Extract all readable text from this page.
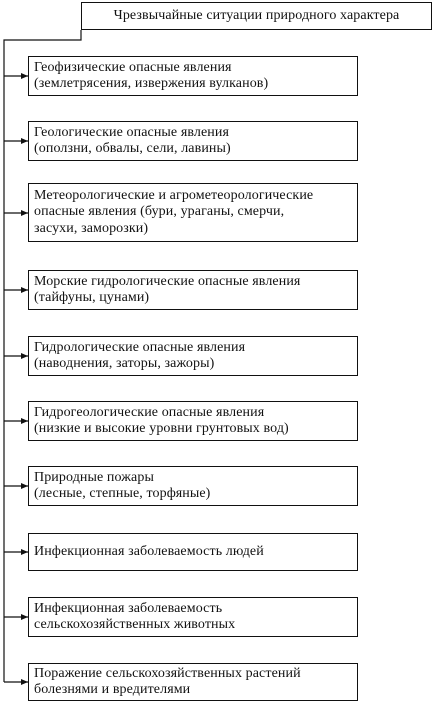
Чрезвычайные ситуации природного характера
Геофизические опасные явления
(землетрясения, извержения вулканов)
Геологические опасные явления
(оползни, обвалы, сели, лавины)
Метеорологические и агрометеорологические
опасные явления (бури, ураганы, смерчи,
засухи, заморозки)
Морские гидрологические опасные явления
(тайфуны, цунами)
Гидрологические опасные явления
(наводнения, заторы, зажоры)
Гидрогеологические опасные явления
(низкие и высокие уровни грунтовых вод)
Природные пожары
(лесные, степные, торфяные)
Инфекционная заболеваемость людей
Инфекционная заболеваемость
сельскохозяйственных животных
Поражение сельскохозяйственных растений
болезнями и вредителями
